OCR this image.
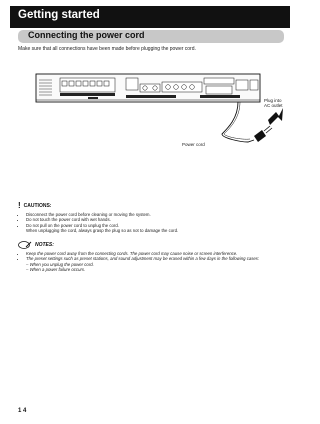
Getting started
Connecting the power cord
Make sure that all connections have been made before plugging the power cord.
Plug into
AC outlet
Power cord
! CAUTIONS:
• Disconnect the power cord before cleaning or moving the system.
• Do not touch the power cord with wet hands.
• Do not pull on the power cord to unplug the cord.
When unplugging the cord, always grasp the plug so as not to damage the cord.
NOTES:
• Keep the power cord away from the connecting cords. The power cord may cause noise or screen interference.
• The preset settings such as preset stations, and sound adjustment may be erased within a few days in the following cases:
– When you unplug the power cord.
– When a power failure occurs.
1 4
